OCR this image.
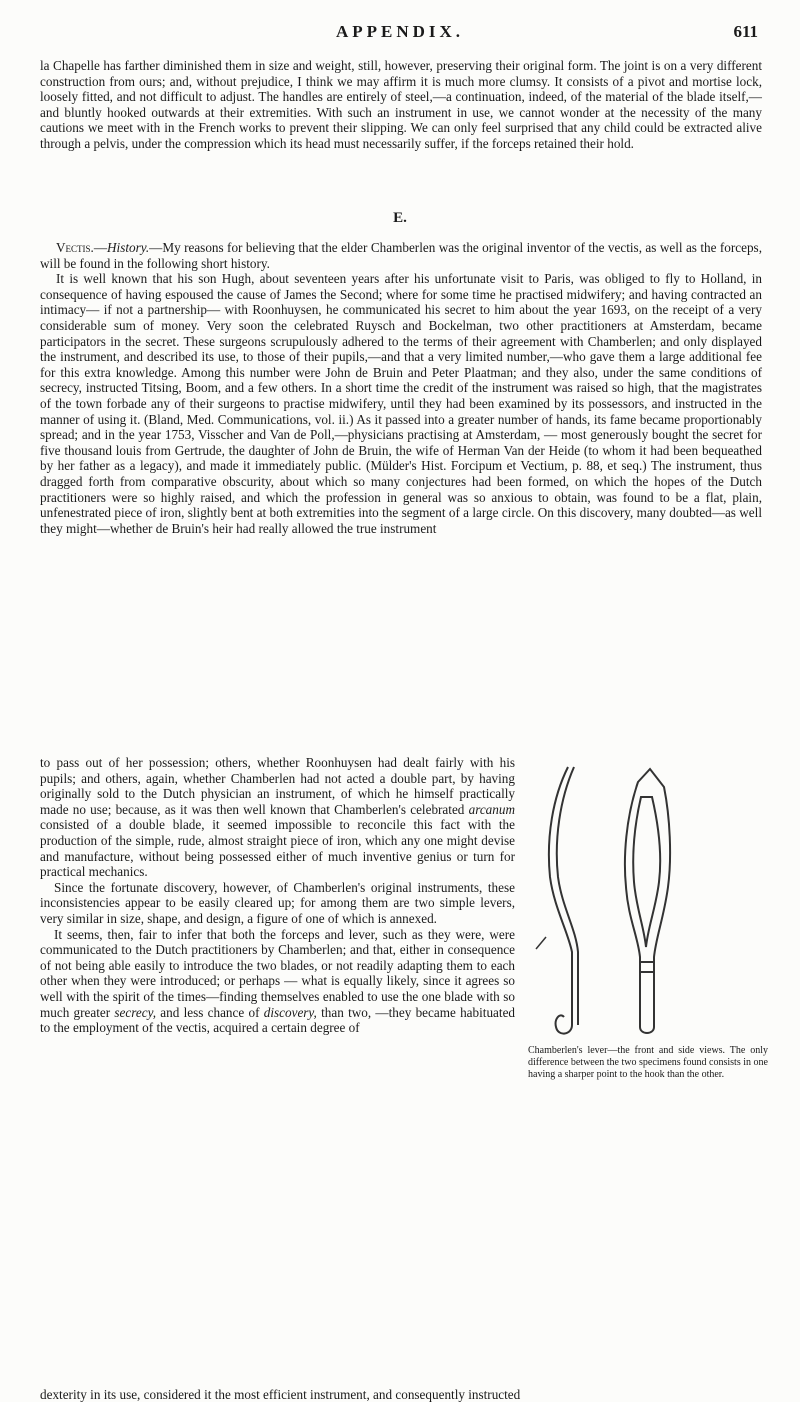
APPENDIX.	611

la Chapelle has farther diminished them in size and weight, still, however, preserving their original form. The joint is on a very different construction from ours; and, without prejudice, I think we may affirm it is much more clumsy. It consists of a pivot and mortise lock, loosely fitted, and not difficult to adjust. The handles are entirely of steel,—a continuation, indeed, of the material of the blade itself,—and bluntly hooked outwards at their extremities. With such an instrument in use, we cannot wonder at the necessity of the many cautions we meet with in the French works to prevent their slipping. We can only feel surprised that any child could be extracted alive through a pelvis, under the compression which its head must necessarily suffer, if the forceps retained their hold.

E.

Vectis.—History.—My reasons for believing that the elder Chamberlen was the original inventor of the vectis, as well as the forceps, will be found in the following short history.
It is well known that his son Hugh, about seventeen years after his unfortunate visit to Paris, was obliged to fly to Holland, in consequence of having espoused the cause of James the Second; where for some time he practised midwifery; and having contracted an intimacy— if not a partnership— with Roonhuysen, he communicated his secret to him about the year 1693, on the receipt of a very considerable sum of money. Very soon the celebrated Ruysch and Bockelman, two other practitioners at Amsterdam, became participators in the secret. These surgeons scrupulously adhered to the terms of their agreement with Chamberlen; and only displayed the instrument, and described its use, to those of their pupils,—and that a very limited number,—who gave them a large additional fee for this extra knowledge. Among this number were John de Bruin and Peter Plaatman; and they also, under the same conditions of secrecy, instructed Titsing, Boom, and a few others. In a short time the credit of the instrument was raised so high, that the magistrates of the town forbade any of their surgeons to practise midwifery, until they had been examined by its possessors, and instructed in the manner of using it. (Bland, Med. Communications, vol. ii.) As it passed into a greater number of hands, its fame became proportionably spread; and in the year 1753, Visscher and Van de Poll,—physicians practising at Amsterdam, — most generously bought the secret for five thousand louis from Gertrude, the daughter of John de Bruin, the wife of Herman Van der Heide (to whom it had been bequeathed by her father as a legacy), and made it immediately public. (Mülder's Hist. Forcipum et Vectium, p. 88, et seq.) The instrument, thus dragged forth from comparative obscurity, about which so many conjectures had been formed, on which the hopes of the Dutch practitioners were so highly raised, and which the profession in general was so anxious to obtain, was found to be a flat, plain, unfenestrated piece of iron, slightly bent at both extremities into the segment of a large circle. On this discovery, many doubted—as well they might—whether de Bruin's heir had really allowed the true instrument

to pass out of her possession; others, whether Roonhuysen had dealt fairly with his pupils; and others, again, whether Chamberlen had not acted a double part, by having originally sold to the Dutch physician an instrument, of which he himself practically made no use; because, as it was then well known that Chamberlen's celebrated arcanum consisted of a double blade, it seemed impossible to reconcile this fact with the production of the simple, rude, almost straight piece of iron, which any one might devise and manufacture, without being possessed either of much inventive genius or turn for practical mechanics.
Since the fortunate discovery, however, of Chamberlen's original instruments, these inconsistencies appear to be easily cleared up; for among them are two simple levers, very similar in size, shape, and design, a figure of one of which is annexed.
It seems, then, fair to infer that both the forceps and lever, such as they were, were communicated to the Dutch practitioners by Chamberlen; and that, either in consequence of not being able easily to introduce the two blades, or not readily adapting them to each other when they were introduced; or perhaps — what is equally likely, since it agrees so well with the spirit of the times—finding themselves enabled to use the one blade with so much greater secrecy, and less chance of discovery, than two, —they became habituated to the employment of the vectis, acquired a certain degree of
dexterity in its use, considered it the most efficient instrument, and consequently instructed
Chamberlen's lever—the front and side views. The only difference between the two specimens found consists in one having a sharper point to the hook than the other.
